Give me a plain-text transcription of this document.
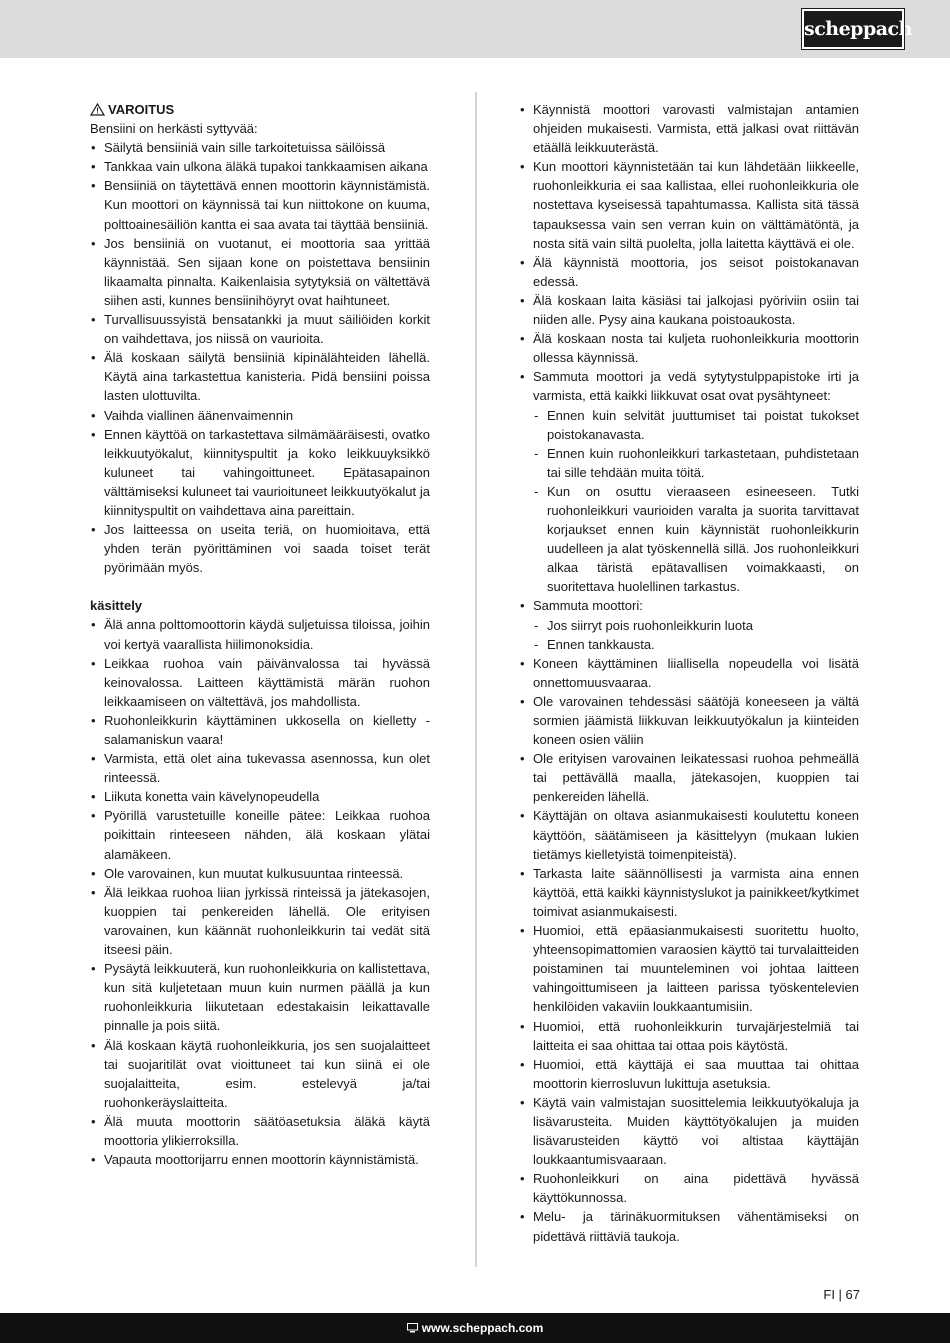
scheppach
VAROITUS
Bensiini on herkästi syttyvää:
• Säilytä bensiiniä vain sille tarkoitetuissa säilöissä
• Tankkaa vain ulkona äläkä tupakoi tankkaamisen aikana
• Bensiiniä on täytettävä ennen moottorin käynnistämistä. Kun moottori on käynnissä tai kun niittokone on kuuma, polttoainesäiliön kantta ei saa avata tai täyttää bensiiniä.
• Jos bensiiniä on vuotanut, ei moottoria saa yrittää käynnistää. Sen sijaan kone on poistettava bensiinin likaamalta pinnalta. Kaikenlaisia sytytyksiä on vältettävä siihen asti, kunnes bensiinihöyryt ovat haihtuneet.
• Turvallisuussyistä bensatankki ja muut säiliöiden korkit on vaihdettava, jos niissä on vaurioita.
• Älä koskaan säilytä bensiiniä kipinälähteiden lähellä. Käytä aina tarkastettua kanisteria. Pidä bensiini poissa lasten ulottuvilta.
• Vaihda viallinen äänenvaimennin
• Ennen käyttöä on tarkastettava silmämääräisesti, ovatko leikkuutyökalut, kiinnityspultit ja koko leikkuuyksikkö kuluneet tai vahingoittuneet. Epätasapainon välttämiseksi kuluneet tai vaurioituneet leikkuutyökalut ja kiinnityspultit on vaihdettava aina pareittain.
• Jos laitteessa on useita teriä, on huomioitava, että yhden terän pyörittäminen voi saada toiset terät pyörimään myös.
käsittely
• Älä anna polttomoottorin käydä suljetuissa tiloissa, joihin voi kertyä vaarallista hiilimonoksidia.
• Leikkaa ruohoa vain päivänvalossa tai hyvässä keinovalossa. Laitteen käyttämistä märän ruohon leikkaamiseen on vältettävä, jos mahdollista.
• Ruohonleikkurin käyttäminen ukkosella on kielletty - salamaniskun vaara!
• Varmista, että olet aina tukevassa asennossa, kun olet rinteessä.
• Liikuta konetta vain kävelynopeudella
• Pyörillä varustetuille koneille pätee: Leikkaa ruohoa poikittain rinteeseen nähden, älä koskaan ylätai alamäkeen.
• Ole varovainen, kun muutat kulkusuuntaa rinteessä.
• Älä leikkaa ruohoa liian jyrkissä rinteissä ja jätekasojen, kuoppien tai penkereiden lähellä. Ole erityisen varovainen, kun käännät ruohonleikkurin tai vedät sitä itseesi päin.
• Pysäytä leikkuuterä, kun ruohonleikkuria on kallistettava, kun sitä kuljetetaan muun kuin nurmen päällä ja kun ruohonleikkuria liikutetaan edestakaisin leikattavalle pinnalle ja pois siitä.
• Älä koskaan käytä ruohonleikkuria, jos sen suojalaitteet tai suojaritilät ovat vioittuneet tai kun siinä ei ole suojalaitteita, esim. estelevyä ja/tai ruohonkeräyslaitteita.
• Älä muuta moottorin säätöasetuksia äläkä käytä moottoria ylikierroksilla.
• Vapauta moottorijarru ennen moottorin käynnistämistä.
• Käynnistä moottori varovasti valmistajan antamien ohjeiden mukaisesti. Varmista, että jalkasi ovat riittävän etäällä leikkuuterästä.
• Kun moottori käynnistetään tai kun lähdetään liikkeelle, ruohonleikkuria ei saa kallistaa, ellei ruohonleikkuria ole nostettava kyseisessä tapahtumassa. Kallista sitä tässä tapauksessa vain sen verran kuin on välttämätöntä, ja nosta sitä vain siltä puolelta, jolla laitetta käyttävä ei ole.
• Älä käynnistä moottoria, jos seisot poistokanavan edessä.
• Älä koskaan laita käsiäsi tai jalkojasi pyöriviin osiin tai niiden alle. Pysy aina kaukana poistoaukosta.
• Älä koskaan nosta tai kuljeta ruohonleikkuria moottorin ollessa käynnissä.
• Sammuta moottori ja vedä sytytystulppapistoke irti ja varmista, että kaikki liikkuvat osat ovat pysähtyneet:
- Ennen kuin selvität juuttumiset tai poistat tukokset poistokanavasta.
- Ennen kuin ruohonleikkuri tarkastetaan, puhdistetaan tai sille tehdään muita töitä.
- Kun on osuttu vieraaseen esineeseen. Tutki ruohonleikkuri vaurioiden varalta ja suorita tarvittavat korjaukset ennen kuin käynnistät ruohonleikkurin uudelleen ja alat työskennellä sillä. Jos ruohonleikkuri alkaa täristä epätavallisen voimakkaasti, on suoritettava huolellinen tarkastus.
• Sammuta moottori:
- Jos siirryt pois ruohonleikkurin luota
- Ennen tankkausta.
• Koneen käyttäminen liiallisella nopeudella voi lisätä onnettomuusvaaraa.
• Ole varovainen tehdessäsi säätöjä koneeseen ja vältä sormien jäämistä liikkuvan leikkuutyökalun ja kiinteiden koneen osien väliin
• Ole erityisen varovainen leikatessasi ruohoa pehmeällä tai pettävällä maalla, jätekasojen, kuoppien tai penkereiden lähellä.
• Käyttäjän on oltava asianmukaisesti koulutettu koneen käyttöön, säätämiseen ja käsittelyyn (mukaan lukien tietämys kielletyistä toimenpiteistä).
• Tarkasta laite säännöllisesti ja varmista aina ennen käyttöä, että kaikki käynnistyslukot ja painikkeet/kytkimet toimivat asianmukaisesti.
• Huomioi, että epäasianmukaisesti suoritettu huolto, yhteensopimattomien varaosien käyttö tai turvalaitteiden poistaminen tai muunteleminen voi johtaa laitteen vahingoittumiseen ja laitteen parissa työskentelevien henkilöiden vakaviin loukkaantumisiin.
• Huomioi, että ruohonleikkurin turvajärjestelmiä tai laitteita ei saa ohittaa tai ottaa pois käytöstä.
• Huomioi, että käyttäjä ei saa muuttaa tai ohittaa moottorin kierrosluvun lukittuja asetuksia.
• Käytä vain valmistajan suosittelemia leikkuutyökaluja ja lisävarusteita. Muiden käyttötyökalujen ja muiden lisävarusteiden käyttö voi altistaa käyttäjän loukkaantumisvaaraan.
• Ruohonleikkuri on aina pidettävä hyvässä käyttökunnossa.
• Melu- ja tärinäkuormituksen vähentämiseksi on pidettävä riittäviä taukoja.
FI | 67
www.scheppach.com
